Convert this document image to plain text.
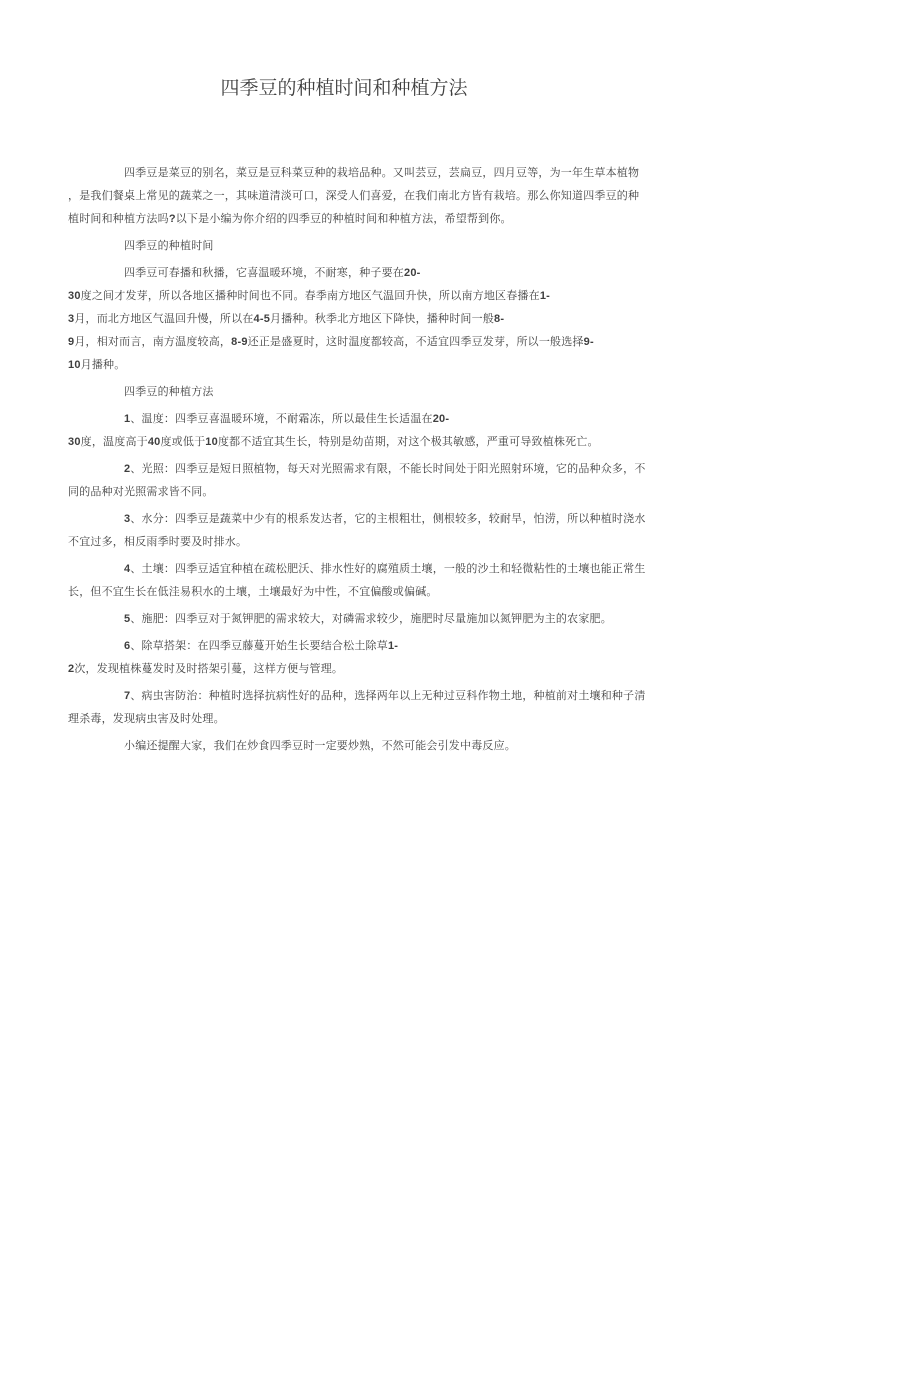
四季豆的种植时间和种植方法
四季豆是菜豆的别名，菜豆是豆科菜豆种的栽培品种。又叫芸豆，芸扁豆，四月豆等，为一年生草本植物
，是我们餐桌上常见的蔬菜之一，其味道清淡可口，深受人们喜爱，在我们南北方皆有栽培。那么你知道四季豆的种
植时间和种植方法吗?以下是小编为你介绍的四季豆的种植时间和种植方法，希望帮到你。
四季豆的种植时间
四季豆可春播和秋播，它喜温暖环境，不耐寒，种子要在20-
30度之间才发芽，所以各地区播种时间也不同。春季南方地区气温回升快，所以南方地区春播在1-
3月，而北方地区气温回升慢，所以在4-5月播种。秋季北方地区下降快，播种时间一般8-
9月，相对而言，南方温度较高，8-9还正是盛夏时，这时温度都较高，不适宜四季豆发芽，所以一般选择9-
10月播种。
四季豆的种植方法
1、温度：四季豆喜温暖环境，不耐霜冻，所以最佳生长适温在20-
30度，温度高于40度或低于10度都不适宜其生长，特别是幼苗期，对这个极其敏感，严重可导致植株死亡。
2、光照：四季豆是短日照植物，每天对光照需求有限，不能长时间处于阳光照射环境，它的品种众多，不
同的品种对光照需求皆不同。
3、水分：四季豆是蔬菜中少有的根系发达者，它的主根粗壮，侧根较多，较耐旱，怕涝，所以种植时浇水
不宜过多，相反雨季时要及时排水。
4、土壤：四季豆适宜种植在疏松肥沃、排水性好的腐殖质土壤，一般的沙土和轻微粘性的土壤也能正常生
长，但不宜生长在低洼易积水的土壤，土壤最好为中性，不宜偏酸或偏碱。
5、施肥：四季豆对于氮钾肥的需求较大，对磷需求较少，施肥时尽量施加以氮钾肥为主的农家肥。
6、除草搭架：在四季豆藤蔓开始生长要结合松土除草1-
2次，发现植株蔓发时及时搭架引蔓，这样方便与管理。
7、病虫害防治：种植时选择抗病性好的品种，选择两年以上无种过豆科作物土地，种植前对土壤和种子清
理杀毒，发现病虫害及时处理。
小编还提醒大家，我们在炒食四季豆时一定要炒熟，不然可能会引发中毒反应。
